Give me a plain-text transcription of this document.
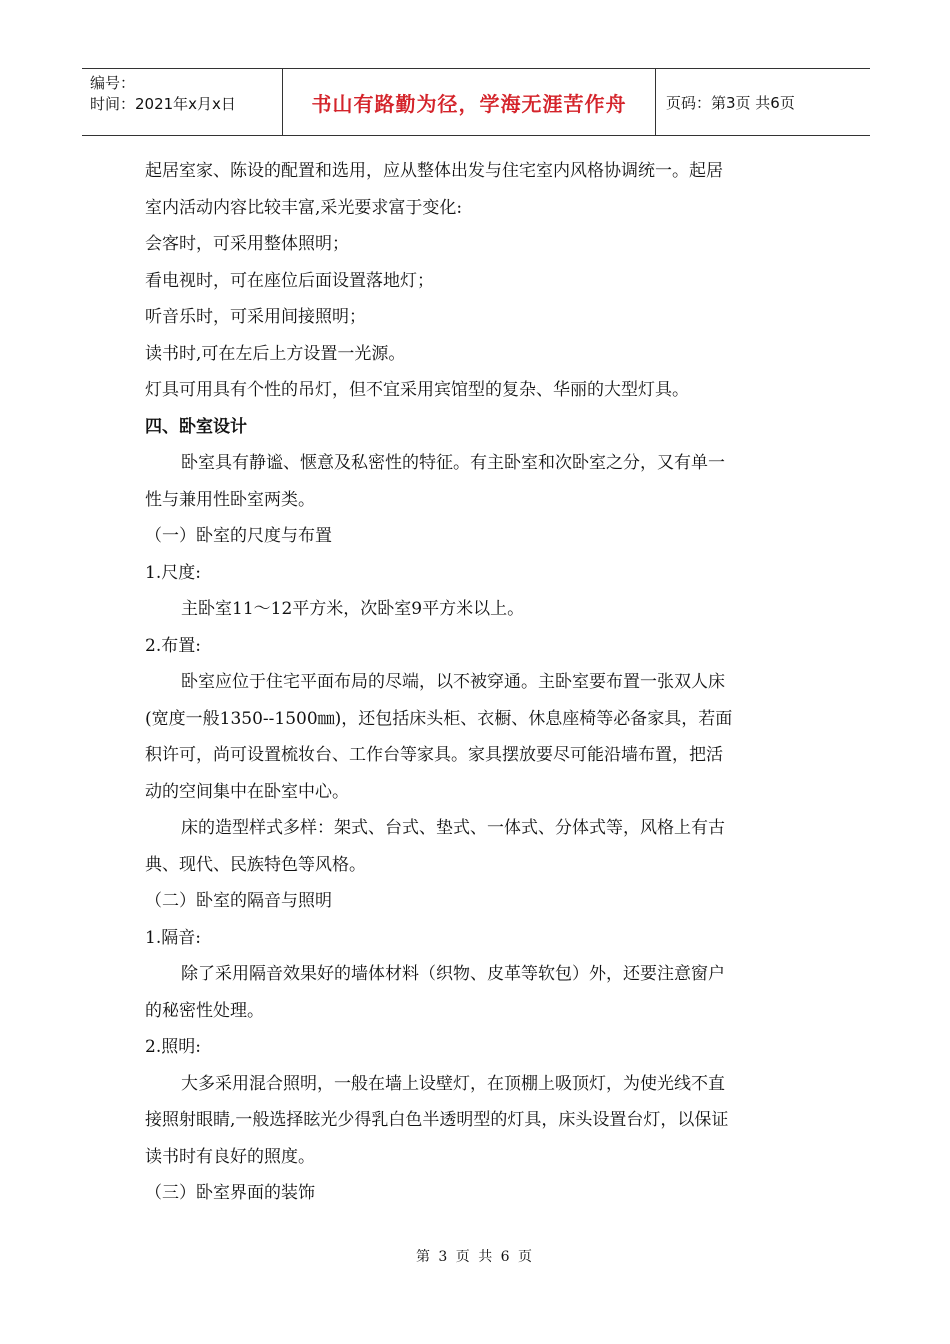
编号：
时间：2021年x月x日	书山有路勤为径，学海无涯苦作舟	页码：第3页 共6页
起居室家、陈设的配置和选用，应从整体出发与住宅室内风格协调统一。起居
室内活动内容比较丰富,采光要求富于变化:
会客时，可采用整体照明；
看电视时，可在座位后面设置落地灯；
听音乐时，可采用间接照明；
读书时,可在左后上方设置一光源。
灯具可用具有个性的吊灯，但不宜采用宾馆型的复杂、华丽的大型灯具。
四、卧室设计
卧室具有静谧、惬意及私密性的特征。有主卧室和次卧室之分，又有单一
性与兼用性卧室两类。
（一）卧室的尺度与布置
1.尺度:
主卧室11～12平方米，次卧室9平方米以上。
2.布置:
卧室应位于住宅平面布局的尽端，以不被穿通。主卧室要布置一张双人床
(宽度一般1350--1500㎜)，还包括床头柜、衣橱、休息座椅等必备家具，若面
积许可，尚可设置梳妆台、工作台等家具。家具摆放要尽可能沿墙布置，把活
动的空间集中在卧室中心。
床的造型样式多样：架式、台式、垫式、一体式、分体式等，风格上有古
典、现代、民族特色等风格。
（二）卧室的隔音与照明
1.隔音:
除了采用隔音效果好的墙体材料（织物、皮革等软包）外，还要注意窗户
的秘密性处理。
2.照明:
大多采用混合照明，一般在墙上设壁灯，在顶棚上吸顶灯，为使光线不直
接照射眼睛,一般选择眩光少得乳白色半透明型的灯具，床头设置台灯，以保证
读书时有良好的照度。
（三）卧室界面的装饰
第 3 页 共 6 页
